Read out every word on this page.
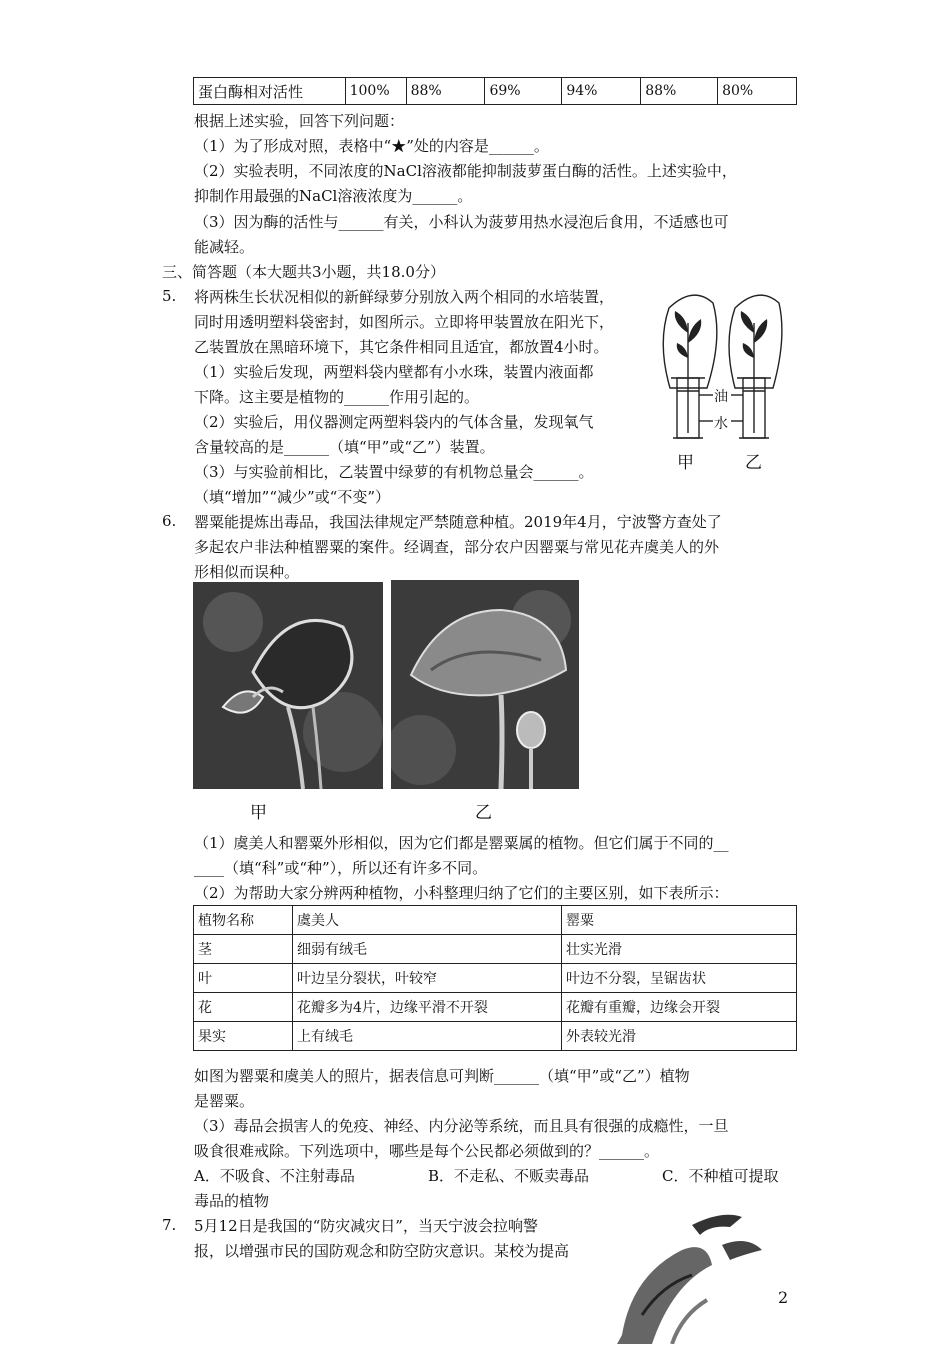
蛋白酶相对活性	100%	88%	69%	94%	88%	80%
根据上述实验，回答下列问题：
（1）为了形成对照，表格中“★”处的内容是______。
（2）实验表明，不同浓度的NaCl溶液都能抑制菠萝蛋白酶的活性。上述实验中，
抑制作用最强的NaCl溶液浓度为______。
（3）因为酶的活性与______有关，小科认为菠萝用热水浸泡后食用，不适感也可
能减轻。
三、简答题（本大题共3小题，共18.0分）
5. 将两株生长状况相似的新鲜绿萝分别放入两个相同的水培装置，
同时用透明塑料袋密封，如图所示。立即将甲装置放在阳光下，
乙装置放在黑暗环境下，其它条件相同且适宜，都放置4小时。
（1）实验后发现，两塑料袋内壁都有小水珠，装置内液面都
下降。这主要是植物的______作用引起的。
（2）实验后，用仪器测定两塑料袋内的气体含量，发现氧气
含量较高的是______（填“甲”或“乙”）装置。
（3）与实验前相比，乙装置中绿萝的有机物总量会______。
（填“增加”“减少”或“不变”）
油
水
甲	乙
6. 罂粟能提炼出毒品，我国法律规定严禁随意种植。2019年4月，宁波警方查处了
多起农户非法种植罂粟的案件。经调查，部分农户因罂粟与常见花卉虞美人的外
形相似而误种。
甲	乙
（1）虞美人和罂粟外形相似，因为它们都是罂粟属的植物。但它们属于不同的__
____（填“科”或“种”），所以还有许多不同。
（2）为帮助大家分辨两种植物，小科整理归纳了它们的主要区别，如下表所示：
植物名称	虞美人	罂粟
茎	细弱有绒毛	壮实光滑
叶	叶边呈分裂状，叶较窄	叶边不分裂，呈锯齿状
花	花瓣多为4片，边缘平滑不开裂	花瓣有重瓣，边缘会开裂
果实	上有绒毛	外表较光滑
如图为罂粟和虞美人的照片，据表信息可判断______（填“甲”或“乙”）植物
是罂粟。
（3）毒品会损害人的免疫、神经、内分泌等系统，而且具有很强的成瘾性，一旦
吸食很难戒除。下列选项中，哪些是每个公民都必须做到的？______。
A．不吸食、不注射毒品	B．不走私、不贩卖毒品	C．不种植可提取
毒品的植物
7. 5月12日是我国的“防灾减灾日”，当天宁波会拉响警
报，以增强市民的国防观念和防空防灾意识。某校为提高
2
